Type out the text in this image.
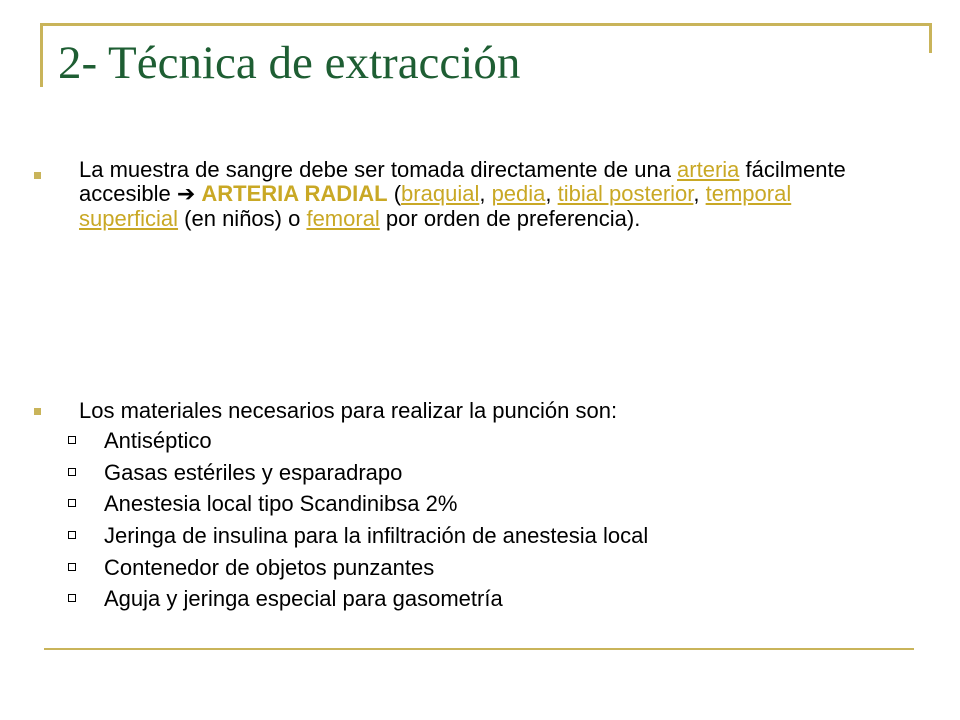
2- Técnica de extracción
La muestra de sangre debe ser tomada directamente de una arteria fácilmente accesible ➔ ARTERIA RADIAL (braquial, pedia, tibial posterior, temporal superficial (en niños) o femoral por orden de preferencia).
Los materiales necesarios para realizar la punción son:
Antiséptico
Gasas estériles y esparadrapo
Anestesia local tipo Scandinibsa 2%
Jeringa de insulina para la infiltración de anestesia local
Contenedor de objetos punzantes
Aguja y jeringa especial para gasometría
